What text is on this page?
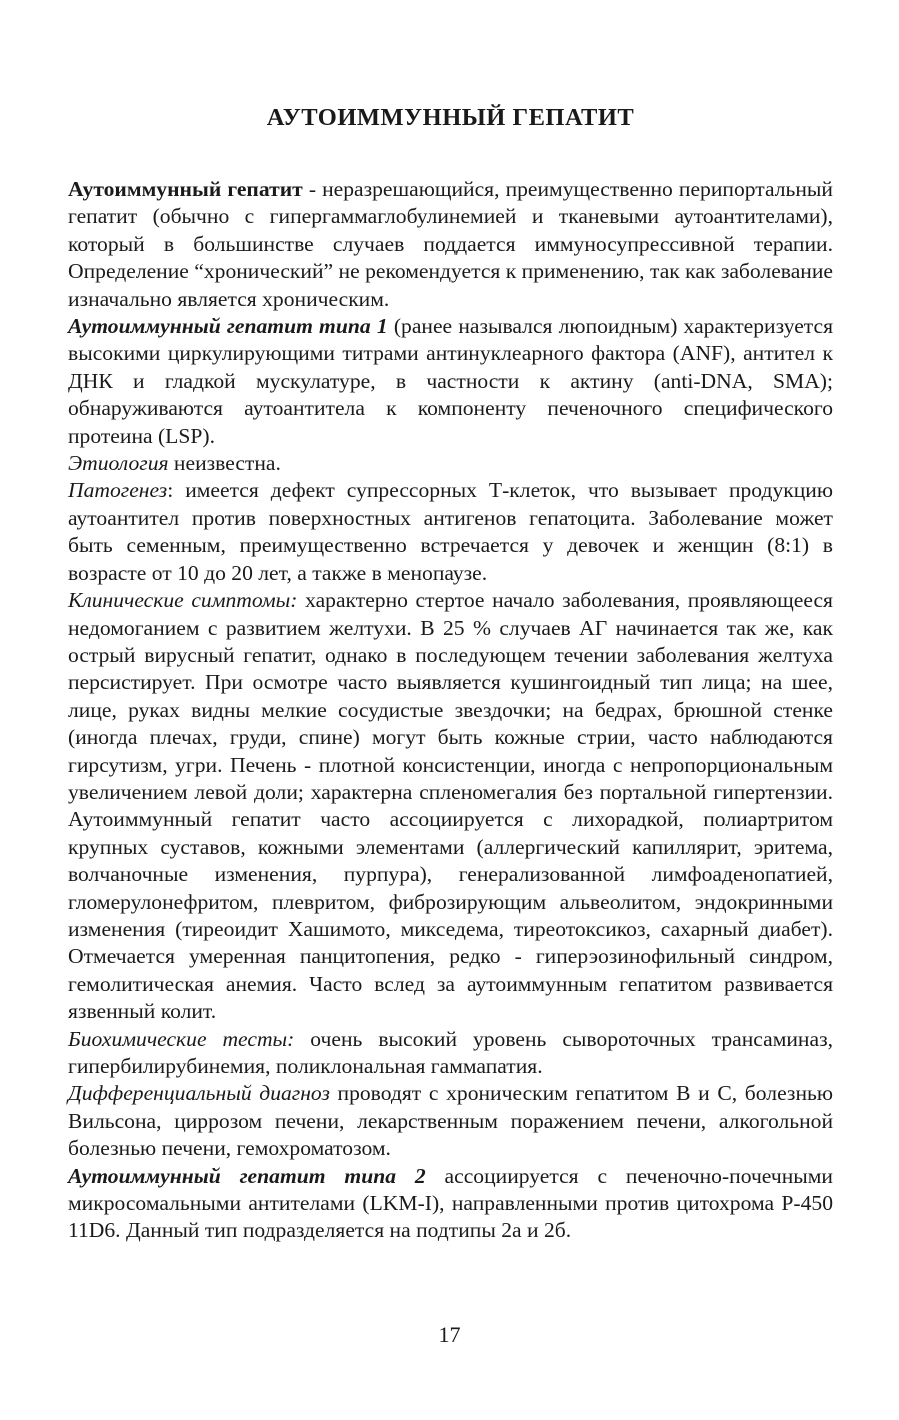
АУТОИММУННЫЙ ГЕПАТИТ

Аутоиммунный гепатит - неразрешающийся, преимущественно перипортальный гепатит (обычно с гипергаммаглобулинемией и тканевыми аутоантителами), который в большинстве случаев поддается иммуносупрессивной терапии. Определение “хронический” не рекомендуется к применению, так как заболевание изначально является хроническим.

Аутоиммунный гепатит типа 1 (ранее назывался люпоидным) характеризуется высокими циркулирующими титрами антинуклеарного фактора (ANF), антител к ДНК и гладкой мускулатуре, в частности к актину (anti-DNA, SMA); обнаруживаются аутоантитела к компоненту печеночного специфического протеина (LSP).

Этиология неизвестна.

Патогенез: имеется дефект супрессорных Т-клеток, что вызывает продукцию аутоантител против поверхностных антигенов гепатоцита. Заболевание может быть семенным, преимущественно встречается у девочек и женщин (8:1) в возрасте от 10 до 20 лет, а также в менопаузе.

Клинические симптомы: характерно стертое начало заболевания, проявляющееся недомоганием с развитием желтухи. В 25 % случаев АГ начинается так же, как острый вирусный гепатит, однако в последующем течении заболевания желтуха персистирует. При осмотре часто выявляется кушингоидный тип лица; на шее, лице, руках видны мелкие сосудистые звездочки; на бедрах, брюшной стенке (иногда плечах, груди, спине) могут быть кожные стрии, часто наблюдаются гирсутизм, угри. Печень - плотной консистенции, иногда с непропорциональным увеличением левой доли; характерна спленомегалия без портальной гипертензии. Аутоиммунный гепатит часто ассоциируется с лихорадкой, полиартритом крупных суставов, кожными элементами (аллергический капиллярит, эритема, волчаночные изменения, пурпура), генерализованной лимфоаденопатией, гломерулонефритом, плевритом, фиброзирующим альвеолитом, эндокринными изменения (тиреоидит Хашимото, микседема, тиреотоксикоз, сахарный диабет). Отмечается умеренная панцитопения, редко - гиперэозинофильный синдром, гемолитическая анемия. Часто вслед за аутоиммунным гепатитом развивается язвенный колит.

Биохимические тесты: очень высокий уровень сывороточных трансаминаз, гипербилирубинемия, поликлональная гаммапатия.

Дифференциальный диагноз проводят с хроническим гепатитом В и С, болезнью Вильсона, циррозом печени, лекарственным поражением печени, алкогольной болезнью печени, гемохроматозом.

Аутоиммунный гепатит типа 2 ассоциируется с печеночно-почечными микросомальными антителами (LKM-I), направленными против цитохрома Р-450 11D6. Данный тип подразделяется на подтипы 2а и 2б.

17
